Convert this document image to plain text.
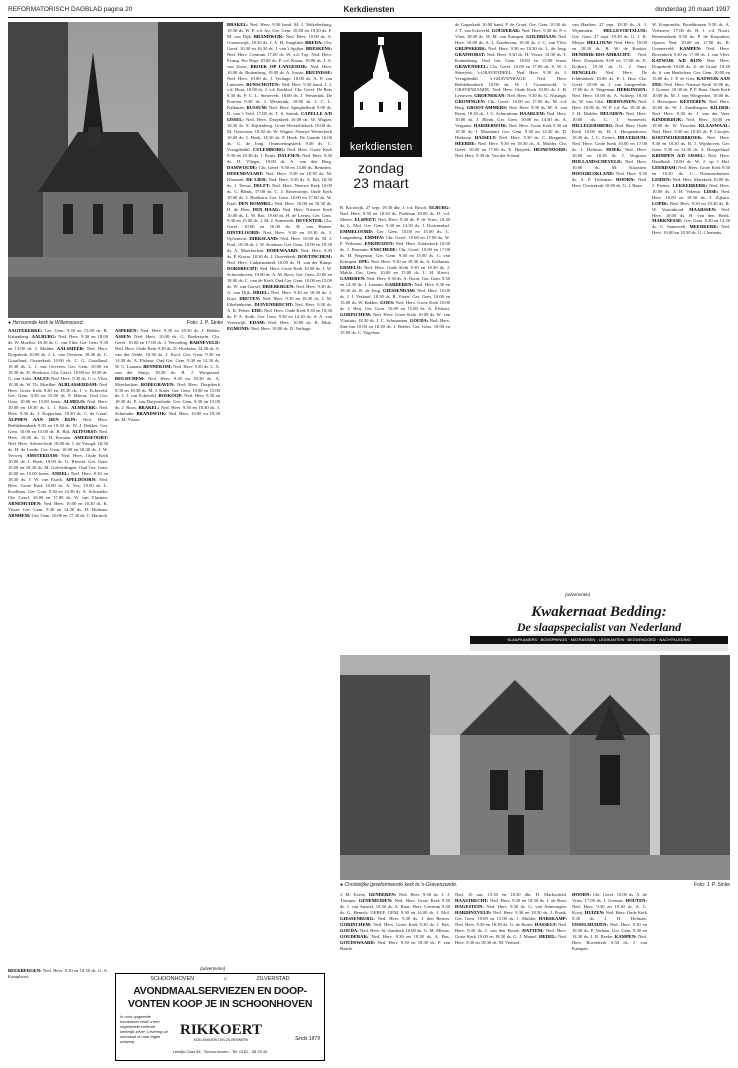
REFORMATORISCH DAGBLAD pagina 20	Kerkdiensten	donderdag 20 maart 1997
● Hervormde kerk te Willemsoord.	Foto: J. P. Sinke

AAGTEKERKE: Ger. Gem. 9.30 en 15.00 ds. R. Kattenberg. AALBURG: Ned. Herv. 9.30 en 18.00 ds. W. Moeller, 18.30 ds. C. van Vliet. Ger. Gem. 9.30 en 13.00 ds. J. Mulder. AALSMEER: Ned. Herv. Dorpskerk 10.00 ds. J. L. van Oeveren, 18.30 ds. C. Graafland. Oosterkerk 10.00 ds. C. G. Graafland, 18.30 ds. L. J. van Oeveren. Ger. Gem. 10.00 en 18.30 ds. D. Hoekstra. Chr. Geref. 10.00 en 18.30 ds. G. van Aalst. AALST: Ned. Herv. 9.30 ds. C. v. Vliet, 18.30 ds. W. Th. Moelker. ALBLASSERDAM: Ned. Herv. Grote Kerk 9.30 en 18.30 ds. J. v. Eckeveld. Ger. Gem. 9.30 en 15.00 ds. P. Mieras. Oud Ger. Gem. 10.00 en 15.00 lezen. ALMELO: Ned. Herv. 10.00 en 18.30 ds. L. J. Blok. ALMKERK: Ned. Herv. 9.30 ds. J. Koppelaar, 18.30 ds. C. de Graaf. ALPHEN AAN DEN RIJN: Ned. Herv. Bethlehemkerk 9.30 en 18.30 ds. W. J. Dekker. Ger. Gem. 10.00 en 15.00 ds. R. Bijl. ALTFORST: Ned. Herv. 10.00 ds. G. H. Kersten. AMERSFOORT: Ned. Herv. Advent-kerk 10.00 ds. J. de Vreugd, 18.30 ds. H. de Leede. Ger. Gem. 10.00 en 18.30 ds. J. W. Verweij. AMSTERDAM: Ned. Herv. Oude Kerk 10.00 ds. J. Hoek, 19.00 ds. G. Kieviet. Ger. Gem. 10.00 en 18.30 ds. M. Golverdingen. Oud Ger. Gem. 10.00 en 15.00 lezen. ANDEL: Ned. Herv. 9.30 en 18.30 ds. J. W. van Estrik. APELDOORN: Ned. Herv. Grote Kerk 10.00 ds. A. Vos, 19.00 ds. L. Koolhaas. Ger. Gem. 9.30 en 14.30 ds. A. Schreuder. Chr. Geref. 10.00 en 17.00 ds. W. van Vlastuin. ARNEMUIDEN: Ned. Herv. 10.00 en 18.30 ds. K. Visser. Ger. Gem. 9.30 en 14.30 ds. H. Hofman. ARNHEM: Ger. Gem. 10.00 en 17.30 ds. C. Harinck.

ASPEREN: Ned. Herv. 9.30 en 18.30 ds. J. Belder. ASSEN: Ned. Herv. 10.00 ds. G. Boekestein. Chr. Geref. 10.00 en 17.00 ds. J. Wesseling. BARNEVELD: Ned. Herv. Oude Kerk 9.30 ds. D. Hoekstra, 14.30 ds. A. van der Velde, 18.30 ds. J. Kool. Ger. Gem. 9.30 en 14.30 ds. A. Elshout. Oud Ger. Gem. 9.30 en 14.30 ds. W. C. Lamain. BENNEKOM: Ned. Herv. 9.30 ds. C. A. van der Sluijs, 18.30 ds. B. J. Wiegeraad. BEUSICHEM: Ned. Herv. 9.30 en 18.30 ds. A. Moerkerken. BODEGRAVEN: Ned. Herv. Dorpskerk 9.30 en 18.30 ds. M. J. Kater. Ger. Gem. 10.00 en 15.00 ds. J. J. van Eckeveld. BOSKOOP: Ned. Herv. 9.30 en 18.30 ds. P. van Duijvenbode. Ger. Gem. 9.30 en 15.00 ds. J. Roos. BRAKEL: Ned. Herv. 9.30 en 18.30 ds. J. Schreuder. BRANDWIJK: Ned. Herv. 10.00 en 18.30 ds. M. Visser.

BEEKBERGEN: Ned. Herv. 9.30 en 18.30 ds. G. A. Kamphorst.

BRAKEL: Ned. Herv. 9.30 kand. M. J. Tekkelenburg, 18.30 ds. W. P. v.d. Ao. Ger. Gem. 10.00 en 18.30 ds. F. M. van Dijk. BRANDWIJK: Ned. Herv. 10.00 ds. A. Groenewijk, 18.30 ds. J. A. H. Jongkind. BREDA: Chr. Geref. 10.00 en 16.30 ds. J. van 't Spijker. BRESKENS: Ned. Herv. Centrum 17.00 ds. W. v.d. Top. Ned. Herv. Evang. Pro Rege 10.00 ds. P. v.d. Kraan, 19.00 ds. J. A. van Zoest. BROEK OP LANGEDIJK: Ned. Herv. 10.00 ds. Ruitenberg, 19.00 ds. A. Jooste. BRUINISSE: Ned. Herv. 10.00 ds. J. Verhage, 18.00 ds. A. P. van Lunteren. BUNSCHOTEN: Ned. Herv. 9.30 kand. J. J. v.d. Hout, 18.00 ds. J. v.d. Kerkhof. Chr. Geref. De Rots 9.30 ds. P. C. L. Sterrevelt, 18.00 ds. J. Westerink. De Poorten 9.30 ds. J. Westerink, 18.00 ds. J. C. L. Kalkman. BUSSUM: Ned. Herv. Spieghelkerk 9.00 ds. D. van 't Veld, 17.00 ds. T. S. Smink. CAPELLE A/D IJSSEL: Ned. Herv. Dorpskerk 10.00 ds. W. Wagter, 18.30 ds. S. Kijnenberg. Grote Hersteldekerk 10.00 ds. M. Oosterom, 18.30 ds. W. Wagter. Nieuwe Westerkerk 10.00 ds. J. Hoek, 18.30 ds. P. Hoek. De Gaarde 10.00 ds. G. de Jong. Ontmoetingskerk 9.30 ds. C. Vreugdenhil. CULEMBORG: Ned. Herv. Grote Kerk 9.30 en 18.30 ds. J. Kruis. DALFSEN: Ned. Herv. 9.30 ds. H. Vlieger, 19.00 ds. A. van den Berg. DAMWOUDE: Chr. Geref. 9.30 en 14.00 ds. Reinders. DEDEMSVAART: Ned. Herv. 9.30 en 18.30 ds. M. Klaassen. DE LIER: Ned. Herv. 9.30 ds. A. Bel, 18.30 ds. J. Teeuw. DELFT: Ned. Herv. Nieuwe Kerk 10.00 ds. C. Blenk, 17.00 ds. C. J. Ravensteijn. Oude Kerk 10.00 ds. J. Hoekstra. Ger. Gem. 10.00 en 17.00 ds. W. Kaal. DEN BOMMEL: Ned. Herv. 10.00 en 18.30 ds. H. de Heer. DEN HAAG: Ned. Herv. Nieuwe Kerk 10.00 ds. L. W. Bac, 19.00 ds. H. de Leeuw. Ger. Gem. 9.30 en 15.00 ds. J. M. J. Sonnevelt. DEVENTER: Chr. Geref. 10.00 en 16.30 ds. H. van Harten. DINTELOORD: Ned. Herv. 9.30 en 18.30 ds. J. Op'tenoort. DIRKSLAND: Ned. Herv. 10.00 ds. M. J. Pool, 18.30 ds. J. W. Koeman. Ger. Gem. 10.00 en 18.30 ds. A. Moerkerken. DODEWAARD: Ned. Herv. 9.30 ds. P. Kroon, 18.30 ds. J. Ouwerkerk. DOETINCHEM: Ned. Herv. Catharinakerk 10.00 ds. H. van der Kamp. DORDRECHT: Ned. Herv. Grote Kerk 10.00 ds. J. W. Schoonhoven, 19.00 ds. A. M. Roos. Ger. Gem. 10.00 en 18.00 ds. C. van de Kieft. Oud Ger. Gem. 10.00 en 15.00 ds. W. van Gorsel. DRIEBERGEN: Ned. Herv. 9.30 ds. A. van Dijk. DRIEL: Ned. Herv. 9.30 en 18.30 ds. J. Kuyt. DRUTEN: Ned. Herv. 9.30 en 18.30 ds. J. M. Eikelenboom. DUIVENDRECHT: Ned. Herv. 9.30 ds. A. K. Pelser. EDE: Ned. Herv. Oude Kerk 9.30 en 18.30 ds. P. A. Stolk. Ger. Gem. 9.30 en 14.30 ds. A. A. van Vreeswijk. EDAM: Ned. Herv. 10.00 ds. K. Blok. EGMOND: Ned. Herv. 10.00 ds. D. Verhage.

kerkdiensten
zondag
23 maart

B. Kooiwijk, 27 sept. 19.30 dhr. J. v.d. Bosch. ELBURG: Ned. Herv. 9.30 en 18.30 ds. Poelman 18.00 ds. D. v.d. Meule. ELSPEET: Ned. Herv. 9.30 ds. P. de Vries, 18.30 ds. L. Mol. Ger. Gem. 9.30 en 14.30 ds. J. Doornenbal. EMMELOORD: Ger. Gem. 10.00 en 15.00 ds. C. Langenberg. EMMEN: Chr. Geref. 10.00 en 17.00 ds. W. F. Verboom. ENKHUIZEN: Ned. Herv. Zuiderkerk 10.00 ds. J. Peursum. ENSCHEDE: Chr. Geref. 10.00 en 17.00 ds. H. Wagenaar. Ger. Gem. 9.30 en 15.00 ds. C. van Krimpen. EPE: Ned. Herv. 9.30 en 18.30 ds. A. Kalkman. ERMELO: Ned. Herv. Oude Kerk 9.30 en 18.30 ds. J. Malda. Ger. Gem. 10.00 en 15.00 ds. L. H. Kievit. GAMEREN: Ned. Herv. 9.30 ds. A. Noort. Ger. Gem. 9.30 en 14.30 ds. J. Lamain. GARDEREN: Ned. Herv. 9.30 en 18.30 ds. B. de Jong. GIESSENDAM: Ned. Herv. 10.00 ds. J. J. Verhoef, 18.30 ds. R. Visser. Ger. Gem. 10.00 en 15.00 ds. W. Bakker. GOES: Ned. Herv. Grote Kerk 10.00 ds. J. Heij. Ger. Gem. 10.00 en 15.00 ds. A. Elshout. GORINCHEM: Ned. Herv. Grote Kerk 10.00 ds. W. van Vlastuin, 18.30 ds. J. C. Schuurman. GOUDA: Ned. Herv. Sint-Jan 10.00 en 18.30 ds. J. Belder. Ger. Gem. 10.00 en 15.00 ds. C. Vogelaar.

de Gageskerk 10.00 kand. P. de Graaf, Ger. Gem. 10.30 ds. J. T. van Eckeveld. GOUDERAK: Ned. Herv. 9.30 ds. P. v. Vliet, 18.30 ds. W. M. van Kampen. GOUDRIAAN: Ned. Herv. 10.00 ds. A. J. Zondervan, 18.30 ds. J. C. van Vliet. GRIJPSKERK: Ned. Herv. 9.30 en 18.30 ds. L. de Jong. GRAFHORST: Ned. Herv. 9.30 ds. H. Visser, 14.30 ds. T. Kranenburg. Oud Ger. Gem. 10.00 en 15.00 lezen. GRAVENDEEL: Chr. Geref. 10.00 en 17.00 ds. S. W. J. Snoeyers. 's-GRAVENDEEL: Ned. Herv. 9.30 ds. J. Vreugdenhil. 's-GRAVENHAGE: Ned. Herv. Bethlehemkerk 10.00 ds. W. J. Groenewold. 's-GRAVENZANDE: Ned. Herv. Oude Kerk 10.00 ds. J. H. Leeuwen. GROENEKAN: Ned. Herv. 9.30 ds. G. Nijsingh. GRONINGEN: Chr. Geref. 10.00 en 17.00 ds. M. v.d. Berg. GROOT-AMMERS: Ned. Herv. 9.30 ds. M. A. van Roon, 18.30 ds. J. C. Schuurman. HAARLEM: Ned. Herv. 10.00 ds. J. Blenk. Ger. Gem. 10.00 en 14.30 ds. A. Vergunst. HARDERWIJK: Ned. Herv. Grote Kerk 9.30 en 18.30 ds. J. Maasland. Ger. Gem. 9.30 en 14.30 ds. D. Heikoop. HASSELT: Ned. Herv. 9.30 ds. C. Bregman. HEERDE: Ned. Herv. 9.30 en 18.30 ds. A. Mulder. Chr. Geref. 10.00 en 17.00 ds. E. Heijstek. HEINENOORD: Ned. Herv. 9.30 ds. Van der Schaaf.

van Haaften, 27 sept. 18.30 ds. A. J. Wijnmalen. HELLEVOETSLUIS: Ger. Gem. 27 sept. 19.30 ds. G. J. K. Meijer. HELLOUW: Ned. Herv. 10.00 en 18.30 ds. B. W. de Koeijer. HENDRIK-IDO-AMBACHT: Ned. Herv. Dorpskerk 9.00 en 17.00 ds. E. Kolkert, 18.30 ds. G. J. Smit. HENGELO: Ned. Herv. De Ichthuskerk 10.00 ds. P. J. Hoa. Chr. Geref. 10.00 ds. J. van Langevelde, 17.00 ds. A. Wagenaar. HERKINGEN: Ned. Herv. 10.00 ds. A. Schoep, 18.30 ds. W. van Gilst. HERWIJNEN: Ned. Herv. 10.00 ds. W. P. v.d. Aa. 18.30 ds. J. H. Mulder. HEUSDEN: Ned. Herv. 10.00 ds. C. J. Sonnevelt. HILLEGERSBERG: Ned. Herv. Oude Kerk 10.00 ds. H. J. Hoogendoorn, 18.30 ds. J. C. Zwiers. HILVERSUM: Ned. Herv. Grote Kerk 10.00 en 17.00 ds. J. Hofman. HOEK: Ned. Herv. 10.00 en 18.30 ds. J. Vergunst. HOLLANDSCHEVELD: Ned. Herv. 10.00 ds. M. Klaassen. HOOGBLOKLAND: Ned. Herv. 9.30 ds. A. P. Tieleman. HOORN: Ned. Herv. Oosterkerk 10.00 ds. G. J. Baan.

W. Kreponidis, Broekhuizen 9.30 ds. A. Verhoeve, 17.00 ds. H. J. v.d. Noort. Bezemerkerk 9.30 ds. P. de Kreponier, Oproer Ned. 10.00 en 17.00 ds. R. Groeneveld. KAMPEN: Ned. Herv. Bovenkerk 9.30 en 17.00 ds. J. van Vliet. KATWIJK A/D RIJN: Ned. Herv. Dorpskerk 10.00 ds. Z. de Graaf, 18.30 ds. S. van Heukelom. Ger. Gem. 10.00 en 15.00 ds. J. P. de Gier. KATWIJK AAN ZEE: Ned. Herv. Nieuwe Kerk 10.00 ds. J. Goesse, 18.30 ds. P. P. Baas. Oude Kerk 10.00 ds. M. J. van Wingerden, 18.00 ds. J. Herwijnen. KESTEREN: Ned. Herv. 10.00 ds. W. J. Zandbergen. KILDER: Ned. Herv. 9.30 ds. J. van der Veer. KINDERDIJK: Ned. Herv. 10.00 en 18.00 ds. W. Visscher. KLAASWAAL: Ned. Herv. 9.30 en 18.30 ds. P. Gootjes. KOOTWIJKERBROEK: Ned. Herv. 9.30 en 18.30 ds. B. J. Wijnhoven. Ger. Gem. 9.30 en 14.30 ds. A. Hoogerland. KRIMPEN A/D IJSSEL: Ned. Herv. IJsselkerk 10.00 ds. W. J. op 't Hof. LEERDAM: Ned. Herv. Grote Kerk 9.30 en 18.30 ds. C. Nieuwenhuizen. LEIDEN: Ned. Herv. Marekerk 10.00 ds. J. Pieters. LEKKERKERK: Ned. Herv. 10.00 ds. J. H. Velema. LISSE: Ned. Herv. 10.00 en 18.30 ds. J. Zijlstra. LOPIK: Ned. Herv. 9.30 en 18.30 ds. R. W. Vastenhoud. MAARSSEN: Ned. Herv. 10.00 ds. H. van den Herik. MARKNESSE: Ger. Gem. 9.30 en 14.30 ds. C. Sonnevelt. MEERKERK: Ned. Herv. 10.00 en 18.30 ds. G. Clements.

(advertentie)
Kwakernaat Bedding:
De slaapspecialist van Nederland
SLAAPKAMERS · BOXSPRINGS · MATRASSEN · LEDIKANTEN · BEDDENGOED · NACHTKLEDING
● Christelijke gereformeerde kerk te 's-Gravenzande.	Foto: J. P. Sinke

J. M. Koese. GENDEREN: Ned. Herv. 9.30 ds. J. J. Tramper. GENEMUIDEN: Ned. Herv. Grote Kerk 9.30 ds. J. van Amstel, 18.30 ds. A. Baas. Herv. Centrum 9.30 ds. G. Hemels. GEREF. GEM. 9.30 en 14.00 ds. J. Mol. GIESSENBURG: Ned. Herv. 9.30 ds. J. den Besten. GORINCHEM: Ned. Herv. Grote Kerk 9.30 ds. J. Bos. GOUDA: Ned. Herv. St.-Janskerk 10.00 ds. G. M. Mieras. GOUDERAK: Ned. Herv. 9.30 en 18.30 ds. A. Bos. GOUDSWAARD: Ned. Herv. 9.30 en 18.30 ds. F. van Baarle.

Ned. 10 uur, 15.30 en 18.30 dhr. H. Markscheid. HAASTRECHT: Ned. Herv. 9.30 en 18.30 ds. J. de Boer. HAGESTEIN: Ned. Herv. 9.30 ds. G. van Amerongen. HARDINXVELD: Ned. Herv. 9.30 en 18.30 ds. J. Pronk. Ger. Gem. 10.00 en 15.00 ds. J. Mulder. HARSKAMP: Ned. Herv. 9.30 en 18.30 ds. G. de Ruiter. HASSELT: Ned. Herv. 9.30 ds. J. van den Broek. HATTEM: Ned. Herv. Grote Kerk 10.00 en 18.30 ds. G. J. Mantel. HEDEL: Ned. Herv. 9.30 en 18.30 ds. M. Verhoef.

HOORN: Chr. Geref. 10.00 ds. A. de Vries, 17.00 ds. J. Gernaat. HOUTEN: Ned. Herv. 9.30 en 18.30 ds. A. C. Kooij. HUIZEN: Ned. Herv. Oude Kerk 9.30 ds. J. H. Hofman. IJSSELMUIDEN: Ned. Herv. 9.30 en 18.30 ds. P. Verhaar. Ger. Gem. 9.30 en 14.30 ds. J. R. Beeke. KAMPEN: Ned. Herv. Bovenkerk 9.30 ds. J. van Kampen.

(advertentie)
SCHOONHOVEN	⌂	ZILVERSTAD
AVONDMAALSERVIEZEN EN DOOP-
VONTEN KOOP JE IN SCHOONHOVEN
In ruim opgezette toonkamer vindt u een uitgebreide collectie kerkelijk zilver. Levering uit voorraad of naar eigen ontwerp.
RIKKOERT
EDELSMIDERIJ EN ZILVERWERK	Sinds 1879
Lekdijk-Oost 58 - Schoonhoven - Tel. 0182 - 38 23 45
